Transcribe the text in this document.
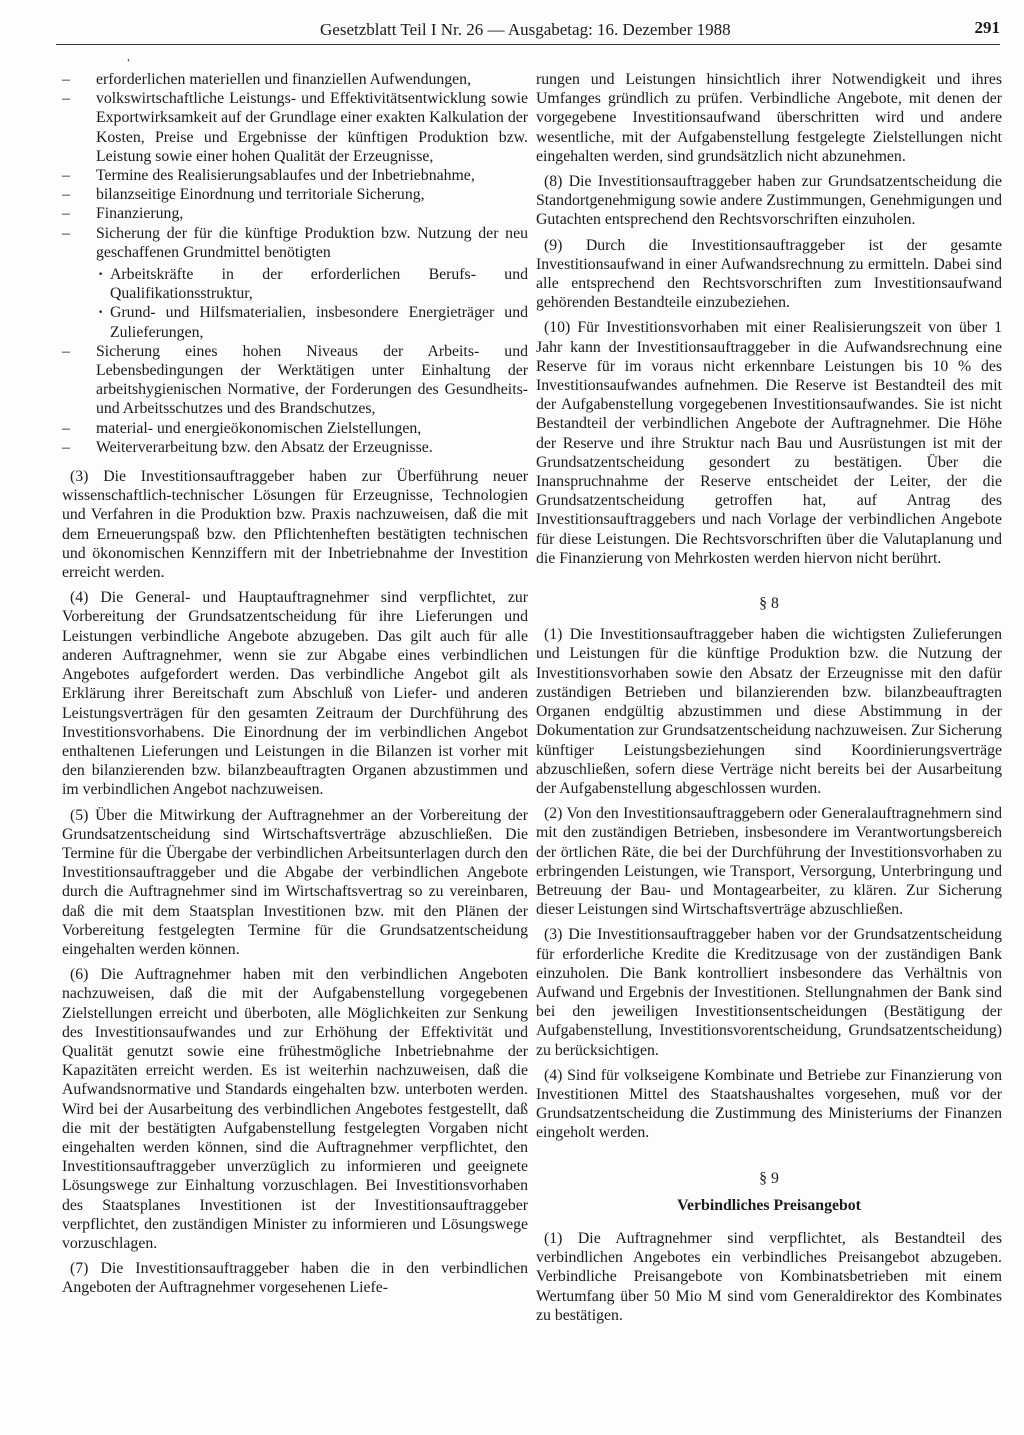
Gesetzblatt Teil I Nr. 26 — Ausgabetag: 16. Dezember 1988	291
,
– erforderlichen materiellen und finanziellen Aufwendungen,
– volkswirtschaftliche Leistungs- und Effektivitätsentwicklung sowie Exportwirksamkeit auf der Grundlage einer exakten Kalkulation der Kosten, Preise und Ergebnisse der künftigen Produktion bzw. Leistung sowie einer hohen Qualität der Erzeugnisse,
– Termine des Realisierungsablaufes und der Inbetriebnahme,
– bilanzseitige Einordnung und territoriale Sicherung,
– Finanzierung,
– Sicherung der für die künftige Produktion bzw. Nutzung der neu geschaffenen Grundmittel benötigten
· Arbeitskräfte in der erforderlichen Berufs- und Qualifikationsstruktur,
· Grund- und Hilfsmaterialien, insbesondere Energieträger und Zulieferungen,
– Sicherung eines hohen Niveaus der Arbeits- und Lebensbedingungen der Werktätigen unter Einhaltung der arbeitshygienischen Normative, der Forderungen des Gesundheits- und Arbeitsschutzes und des Brandschutzes,
– material- und energieökonomischen Zielstellungen,
– Weiterverarbeitung bzw. den Absatz der Erzeugnisse.

(3) Die Investitionsauftraggeber haben zur Überführung neuer wissenschaftlich-technischer Lösungen für Erzeugnisse, Technologien und Verfahren in die Produktion bzw. Praxis nachzuweisen, daß die mit dem Erneuerungspaß bzw. den Pflichtenheften bestätigten technischen und ökonomischen Kennziffern mit der Inbetriebnahme der Investition erreicht werden.

(4) Die General- und Hauptauftragnehmer sind verpflichtet, zur Vorbereitung der Grundsatzentscheidung für ihre Lieferungen und Leistungen verbindliche Angebote abzugeben. Das gilt auch für alle anderen Auftragnehmer, wenn sie zur Abgabe eines verbindlichen Angebotes aufgefordert werden. Das verbindliche Angebot gilt als Erklärung ihrer Bereitschaft zum Abschluß von Liefer- und anderen Leistungsverträgen für den gesamten Zeitraum der Durchführung des Investitionsvorhabens. Die Einordnung der im verbindlichen Angebot enthaltenen Lieferungen und Leistungen in die Bilanzen ist vorher mit den bilanzierenden bzw. bilanzbeauftragten Organen abzustimmen und im verbindlichen Angebot nachzuweisen.

(5) Über die Mitwirkung der Auftragnehmer an der Vorbereitung der Grundsatzentscheidung sind Wirtschaftsverträge abzuschließen. Die Termine für die Übergabe der verbindlichen Arbeitsunterlagen durch den Investitionsauftraggeber und die Abgabe der verbindlichen Angebote durch die Auftragnehmer sind im Wirtschaftsvertrag so zu vereinbaren, daß die mit dem Staatsplan Investitionen bzw. mit den Plänen der Vorbereitung festgelegten Termine für die Grundsatzentscheidung eingehalten werden können.

(6) Die Auftragnehmer haben mit den verbindlichen Angeboten nachzuweisen, daß die mit der Aufgabenstellung vorgegebenen Zielstellungen erreicht und überboten, alle Möglichkeiten zur Senkung des Investitionsaufwandes und zur Erhöhung der Effektivität und Qualität genutzt sowie eine frühestmögliche Inbetriebnahme der Kapazitäten erreicht werden. Es ist weiterhin nachzuweisen, daß die Aufwandsnormative und Standards eingehalten bzw. unterboten werden. Wird bei der Ausarbeitung des verbindlichen Angebotes festgestellt, daß die mit der bestätigten Aufgabenstellung festgelegten Vorgaben nicht eingehalten werden können, sind die Auftragnehmer verpflichtet, den Investitionsauftraggeber unverzüglich zu informieren und geeignete Lösungswege zur Einhaltung vorzuschlagen. Bei Investitionsvorhaben des Staatsplanes Investitionen ist der Investitionsauftraggeber verpflichtet, den zuständigen Minister zu informieren und Lösungswege vorzuschlagen.

(7) Die Investitionsauftraggeber haben die in den verbindlichen Angeboten der Auftragnehmer vorgesehenen Liefe-

rungen und Leistungen hinsichtlich ihrer Notwendigkeit und ihres Umfanges gründlich zu prüfen. Verbindliche Angebote, mit denen der vorgegebene Investitionsaufwand überschritten wird und andere wesentliche, mit der Aufgabenstellung festgelegte Zielstellungen nicht eingehalten werden, sind grundsätzlich nicht abzunehmen.

(8) Die Investitionsauftraggeber haben zur Grundsatzentscheidung die Standortgenehmigung sowie andere Zustimmungen, Genehmigungen und Gutachten entsprechend den Rechtsvorschriften einzuholen.

(9) Durch die Investitionsauftraggeber ist der gesamte Investitionsaufwand in einer Aufwandsrechnung zu ermitteln. Dabei sind alle entsprechend den Rechtsvorschriften zum Investitionsaufwand gehörenden Bestandteile einzubeziehen.

(10) Für Investitionsvorhaben mit einer Realisierungszeit von über 1 Jahr kann der Investitionsauftraggeber in die Aufwandsrechnung eine Reserve für im voraus nicht erkennbare Leistungen bis 10 % des Investitionsaufwandes aufnehmen. Die Reserve ist Bestandteil des mit der Aufgabenstellung vorgegebenen Investitionsaufwandes. Sie ist nicht Bestandteil der verbindlichen Angebote der Auftragnehmer. Die Höhe der Reserve und ihre Struktur nach Bau und Ausrüstungen ist mit der Grundsatzentscheidung gesondert zu bestätigen. Über die Inanspruchnahme der Reserve entscheidet der Leiter, der die Grundsatzentscheidung getroffen hat, auf Antrag des Investitionsauftraggebers und nach Vorlage der verbindlichen Angebote für diese Leistungen. Die Rechtsvorschriften über die Valutaplanung und die Finanzierung von Mehrkosten werden hiervon nicht berührt.

§ 8

(1) Die Investitionsauftraggeber haben die wichtigsten Zulieferungen und Leistungen für die künftige Produktion bzw. die Nutzung der Investitionsvorhaben sowie den Absatz der Erzeugnisse mit den dafür zuständigen Betrieben und bilanzierenden bzw. bilanzbeauftragten Organen endgültig abzustimmen und diese Abstimmung in der Dokumentation zur Grundsatzentscheidung nachzuweisen. Zur Sicherung künftiger Leistungsbeziehungen sind Koordinierungsverträge abzuschließen, sofern diese Verträge nicht bereits bei der Ausarbeitung der Aufgabenstellung abgeschlossen wurden.

(2) Von den Investitionsauftraggebern oder Generalauftragnehmern sind mit den zuständigen Betrieben, insbesondere im Verantwortungsbereich der örtlichen Räte, die bei der Durchführung der Investitionsvorhaben zu erbringenden Leistungen, wie Transport, Versorgung, Unterbringung und Betreuung der Bau- und Montagearbeiter, zu klären. Zur Sicherung dieser Leistungen sind Wirtschaftsverträge abzuschließen.

(3) Die Investitionsauftraggeber haben vor der Grundsatzentscheidung für erforderliche Kredite die Kreditzusage von der zuständigen Bank einzuholen. Die Bank kontrolliert insbesondere das Verhältnis von Aufwand und Ergebnis der Investitionen. Stellungnahmen der Bank sind bei den jeweiligen Investitionsentscheidungen (Bestätigung der Aufgabenstellung, Investitionsvorentscheidung, Grundsatzentscheidung) zu berücksichtigen.

(4) Sind für volkseigene Kombinate und Betriebe zur Finanzierung von Investitionen Mittel des Staatshaushaltes vorgesehen, muß vor der Grundsatzentscheidung die Zustimmung des Ministeriums der Finanzen eingeholt werden.

§ 9
Verbindliches Preisangebot

(1) Die Auftragnehmer sind verpflichtet, als Bestandteil des verbindlichen Angebotes ein verbindliches Preisangebot abzugeben. Verbindliche Preisangebote von Kombinatsbetrieben mit einem Wertumfang über 50 Mio M sind vom Generaldirektor des Kombinates zu bestätigen.
